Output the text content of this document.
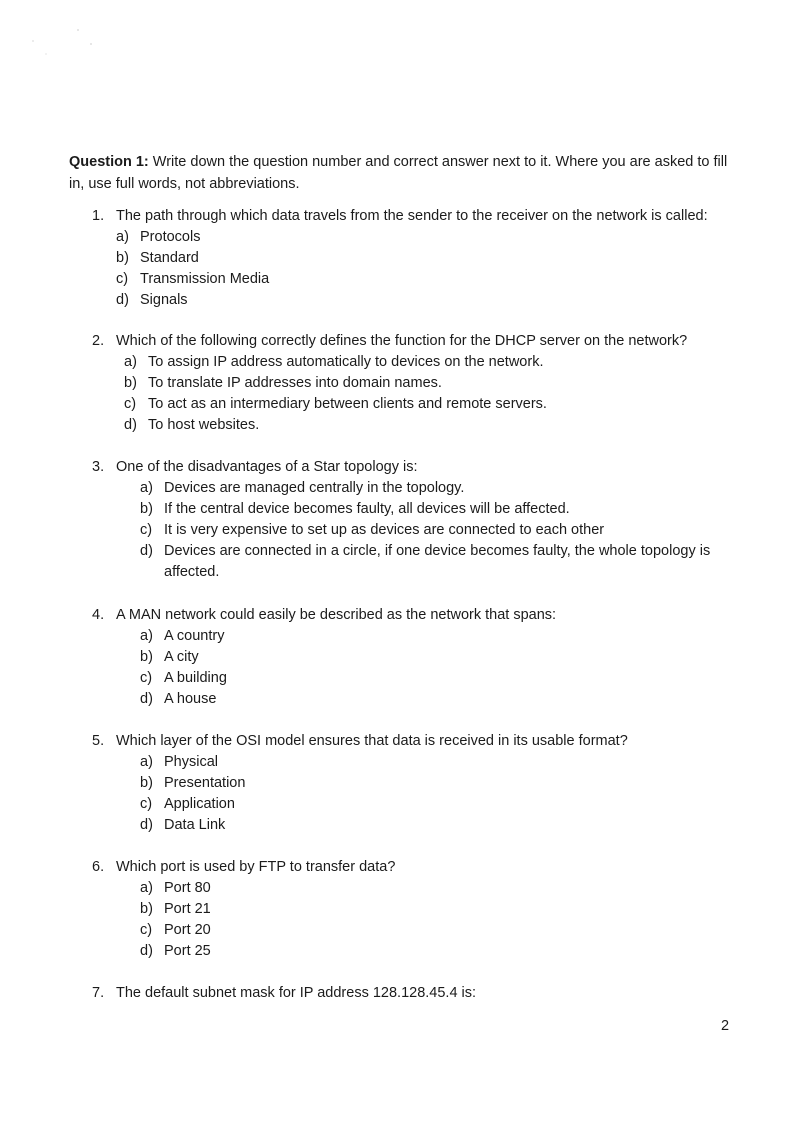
Question 1: Write down the question number and correct answer next to it. Where you are asked to fill in, use full words, not abbreviations.
1. The path through which data travels from the sender to the receiver on the network is called:
a) Protocols
b) Standard
c) Transmission Media
d) Signals
2. Which of the following correctly defines the function for the DHCP server on the network?
a) To assign IP address automatically to devices on the network.
b) To translate IP addresses into domain names.
c) To act as an intermediary between clients and remote servers.
d) To host websites.
3. One of the disadvantages of a Star topology is:
a) Devices are managed centrally in the topology.
b) If the central device becomes faulty, all devices will be affected.
c) It is very expensive to set up as devices are connected to each other
d) Devices are connected in a circle, if one device becomes faulty, the whole topology is affected.
4. A MAN network could easily be described as the network that spans:
a) A country
b) A city
c) A building
d) A house
5. Which layer of the OSI model ensures that data is received in its usable format?
a) Physical
b) Presentation
c) Application
d) Data Link
6. Which port is used by FTP to transfer data?
a) Port 80
b) Port 21
c) Port 20
d) Port 25
7. The default subnet mask for IP address 128.128.45.4 is:
2
